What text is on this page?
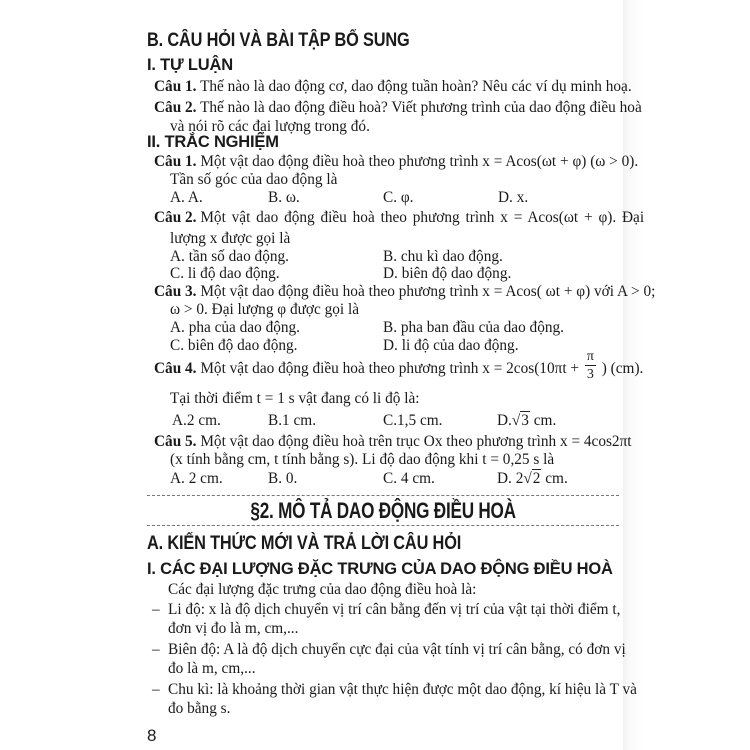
B. CÂU HỎI VÀ BÀI TẬP BỔ SUNG
I. TỰ LUẬN
Câu 1. Thế nào là dao động cơ, dao động tuần hoàn? Nêu các ví dụ minh hoạ.
Câu 2. Thế nào là dao động điều hoà? Viết phương trình của dao động điều hoà
và nói rõ các đại lượng trong đó.
II. TRẮC NGHIỆM
Câu 1. Một vật dao động điều hoà theo phương trình x = Acos(ωt + φ) (ω > 0).
Tần số góc của dao động là
A. A.	B. ω.	C. φ.	D. x.
Câu 2. Một vật dao động điều hoà theo phương trình x = Acos(ωt + φ). Đại
lượng x được gọi là
A. tần số dao động.	B. chu kì dao động.
C. li độ dao động.	D. biên độ dao động.
Câu 3. Một vật dao động điều hoà theo phương trình x = Acos( ωt + φ) với A > 0;
ω > 0. Đại lượng φ được gọi là
A. pha của dao động.	B. pha ban đầu của dao động.
C. biên độ dao động.	D. li độ của dao động.
Câu 4. Một vật dao động điều hoà theo phương trình $x = 2\cos(10\pi t + \frac{\pi}{3}$ ) (cm).
Tại thời điểm t = 1 s vật đang có li độ là:
A.2 cm.	B.1 cm.	C.1,5 cm.	D.√3 cm.
Câu 5. Một vật dao động điều hoà trên trục Ox theo phương trình x = 4cos2πt
(x tính bằng cm, t tính bằng s). Li độ dao động khi t = 0,25 s là
A. 2 cm.	B. 0.	C. 4 cm.	D. 2√2 cm.
§2. MÔ TẢ DAO ĐỘNG ĐIỀU HOÀ
A. KIẾN THỨC MỚI VÀ TRẢ LỜI CÂU HỎI
I. CÁC ĐẠI LƯỢNG ĐẶC TRƯNG CỦA DAO ĐỘNG ĐIỀU HOÀ
Các đại lượng đặc trưng của dao động điều hoà là:
– Li độ: x là độ dịch chuyển vị trí cân bằng đến vị trí của vật tại thời điểm t,
đơn vị đo là m, cm,...
– Biên độ: A là độ dịch chuyển cực đại của vật tính vị trí cân bằng, có đơn vị
đo là m, cm,...
– Chu kì: là khoảng thời gian vật thực hiện được một dao động, kí hiệu là T và
đo bằng s.
8
